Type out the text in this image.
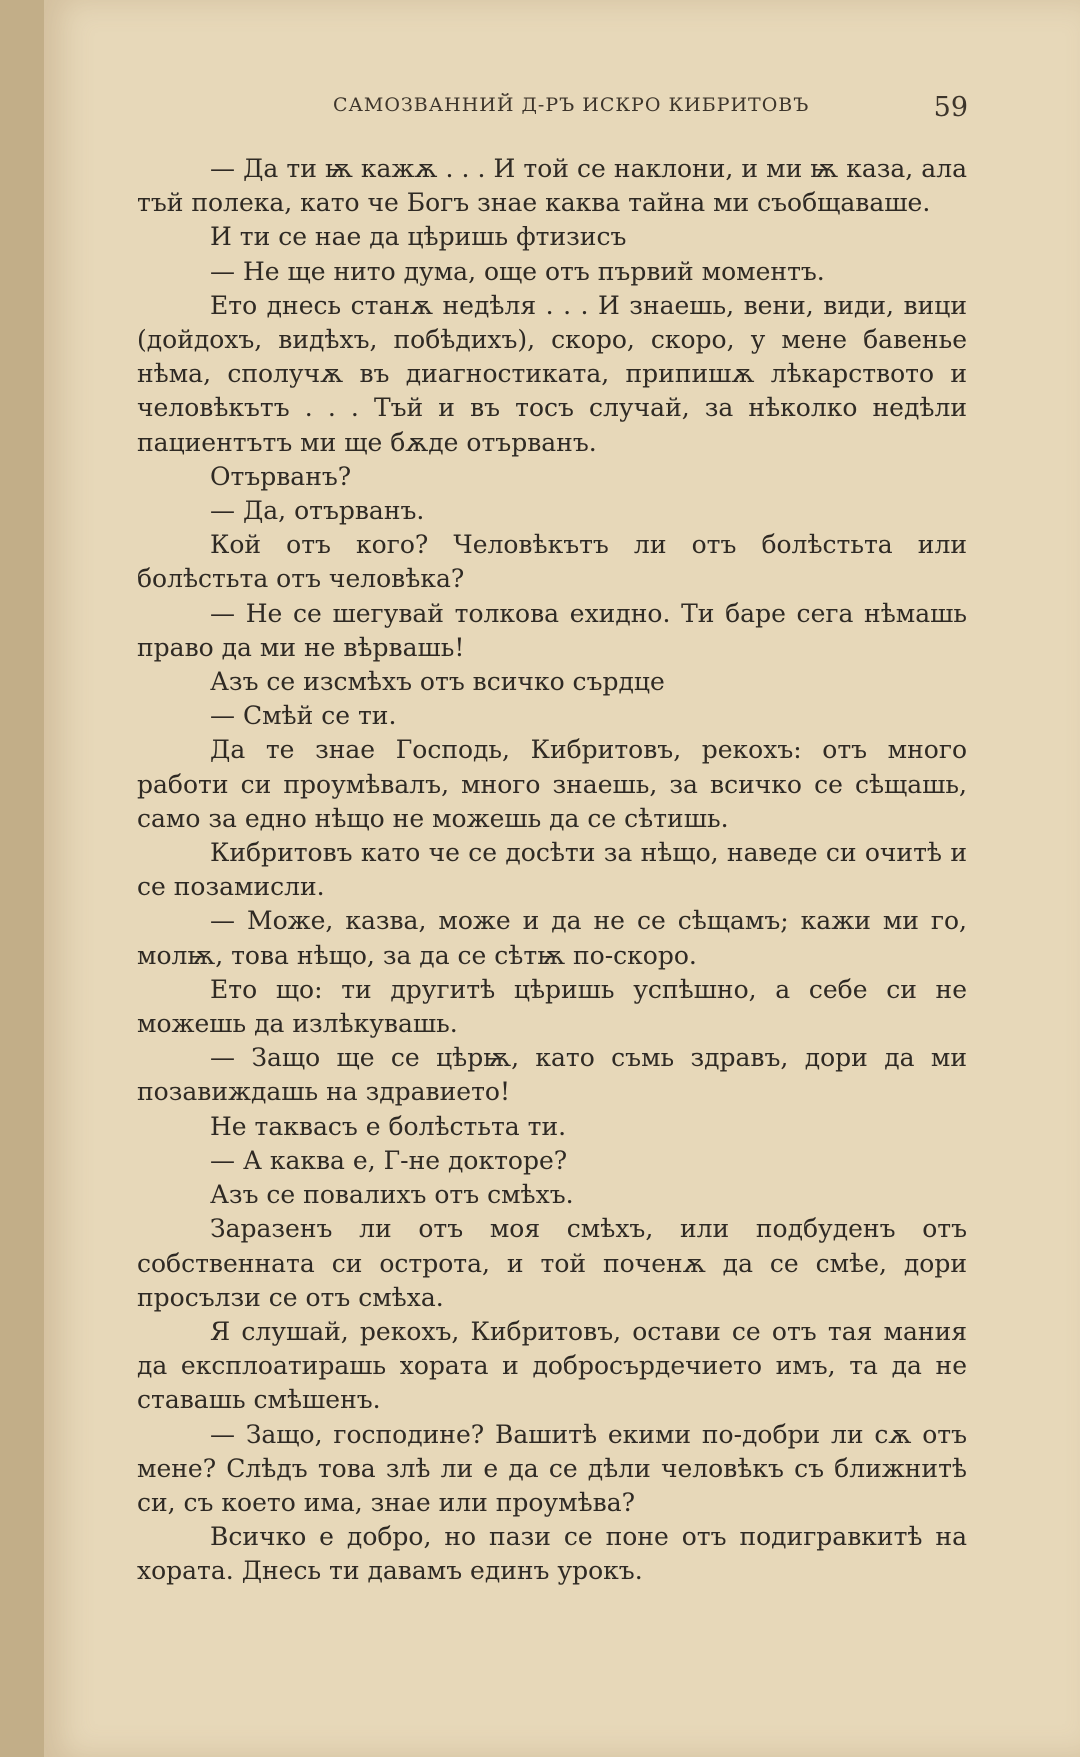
САМОЗВАННИЙ Д-РЪ ИСКРО КИБРИТОВЪ	59

— Да ти ѭ кажѫ . . . И той се наклони, и ми ѭ каза, ала тъй полека, като че Богъ знае каква тайна ми съобщаваше.

И ти се нае да цѣришь фтизисъ

— Не ще нито дума, още отъ първий моментъ.

Ето днесь станѫ недѣля . . . И знаешь, вени, види, вици (дойдохъ, видѣхъ, побѣдихъ), скоро, скоро, у мене бавенье нѣма, сполучѫ въ диагностиката, припишѫ лѣкарството и человѣкътъ . . . Тъй и въ тосъ случай, за нѣколко недѣли пациентътъ ми ще бѫде отърванъ.

Отърванъ?

— Да, отърванъ.

Кой отъ кого? Человѣкътъ ли отъ болѣстьта или болѣстьта отъ человѣка?

— Не се шегувай толкова ехидно. Ти баре сега нѣмашь право да ми не вѣрвашь!

Азъ се изсмѣхъ отъ всичко сърдце

— Смѣй се ти.

Да те знае Господь, Кибритовъ, рекохъ: отъ много работи си проумѣвалъ, много знаешь, за всичко се сѣщашь, само за едно нѣщо не можешь да се сѣтишь.

Кибритовъ като че се досѣти за нѣщо, наведе си очитѣ и се позамисли.

— Може, казва, може и да не се сѣщамъ; кажи ми го, молѭ, това нѣщо, за да се сѣтѭ по-скоро.

Ето що: ти другитѣ цѣришь успѣшно, а себе си не можешь да излѣкувашь.

— Защо ще се цѣрѭ, като съмь здравъ, дори да ми позавиждашь на здравието!

Не таквасъ е болѣстьта ти.

— А каква е, Г-не докторе?

Азъ се повалихъ отъ смѣхъ.

Заразенъ ли отъ моя смѣхъ, или подбуденъ отъ собственната си острота, и той поченѫ да се смѣе, дори просълзи се отъ смѣха.

Я слушай, рекохъ, Кибритовъ, остави се отъ тая мания да експлоатирашь хората и добросърдечието имъ, та да не ставашь смѣшенъ.

— Защо, господине? Вашитѣ екими по-добри ли сѫ отъ мене? Слѣдъ това злѣ ли е да се дѣли человѣкъ съ ближнитѣ си, съ което има, знае или проумѣва?

Всичко е добро, но пази се поне отъ подигравкитѣ на хората. Днесь ти давамъ единъ урокъ.
